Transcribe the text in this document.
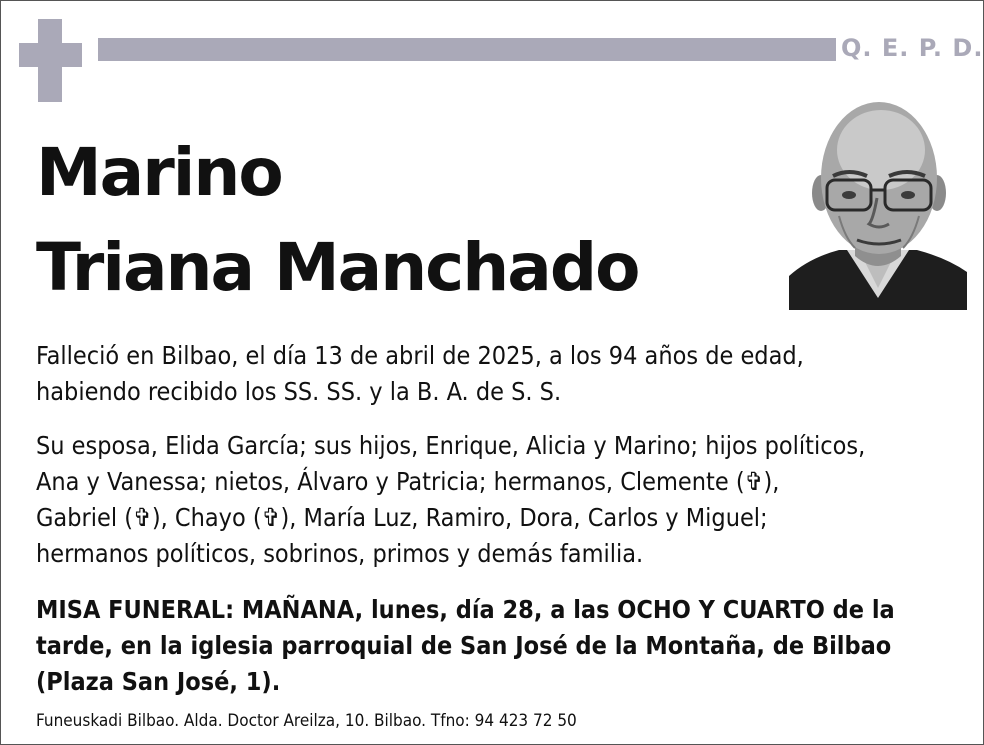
Q. E. P. D.
Marino
Triana Manchado
Falleció en Bilbao, el día 13 de abril de 2025, a los 94 años de edad,
habiendo recibido los SS. SS. y la B. A. de S. S.
Su esposa, Elida García; sus hijos, Enrique, Alicia y Marino; hijos políticos,
Ana y Vanessa; nietos, Álvaro y Patricia; hermanos, Clemente (✞),
Gabriel (✞), Chayo (✞), María Luz, Ramiro, Dora, Carlos y Miguel;
hermanos políticos, sobrinos, primos y demás familia.
MISA FUNERAL: MAÑANA, lunes, día 28, a las OCHO Y CUARTO de la
tarde, en la iglesia parroquial de San José de la Montaña, de Bilbao
(Plaza San José, 1).
Funeuskadi Bilbao. Alda. Doctor Areilza, 10. Bilbao. Tfno: 94 423 72 50
